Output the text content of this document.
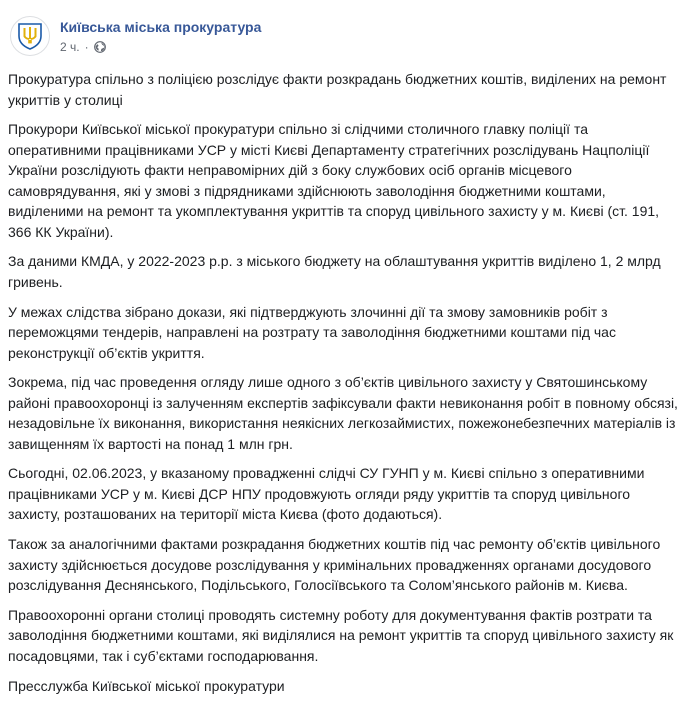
Київська міська прокуратура
2 ч. ·

Прокуратура спільно з поліцією розслідує факти розкрадань бюджетних коштів, виділених на ремонт укриттів у столиці

Прокурори Київської міської прокуратури спільно зі слідчими столичного главку поліції та оперативними працівниками УСР у місті Києві Департаменту стратегічних розслідувань Нацполіції України розслідують факти неправомірних дій з боку службових осіб органів місцевого самоврядування, які у змові з підрядниками здійснюють заволодіння бюджетними коштами, виділеними на ремонт та укомплектування укриттів та споруд цивільного захисту у м. Києві (ст. 191, 366 КК України).

За даними КМДА, у 2022-2023 р.р. з міського бюджету на облаштування укриттів виділено 1, 2 млрд гривень.

У межах слідства зібрано докази, які підтверджують злочинні дії та змову замовників робіт з переможцями тендерів, направлені на розтрату та заволодіння бюджетними коштами під час реконструкції об’єктів укриття.

Зокрема, під час проведення огляду лише одного з об’єктів цивільного захисту у Святошинському районі правоохоронці із залученням експертів зафіксували факти невиконання робіт в повному обсязі, незадовільне їх виконання, використання неякісних легкозаймистих, пожежонебезпечних матеріалів із завищенням їх вартості на понад 1 млн грн.

Сьогодні, 02.06.2023, у вказаному провадженні слідчі СУ ГУНП у м. Києві спільно з оперативними працівниками УСР у м. Києві ДСР НПУ продовжують огляди ряду укриттів та споруд цивільного захисту, розташованих на території міста Києва (фото додаються).

Також за аналогічними фактами розкрадання бюджетних коштів під час ремонту об’єктів цивільного захисту здійснюється досудове розслідування у кримінальних провадженнях органами досудового розслідування Деснянського, Подільського, Голосіївського та Солом’янського районів м. Києва.

Правоохоронні органи столиці проводять системну роботу для документування фактів розтрати та заволодіння бюджетними коштами, які виділялися на ремонт укриттів та споруд цивільного захисту як посадовцями, так і суб’єктами господарювання.

Пресслужба Київської міської прокуратури
